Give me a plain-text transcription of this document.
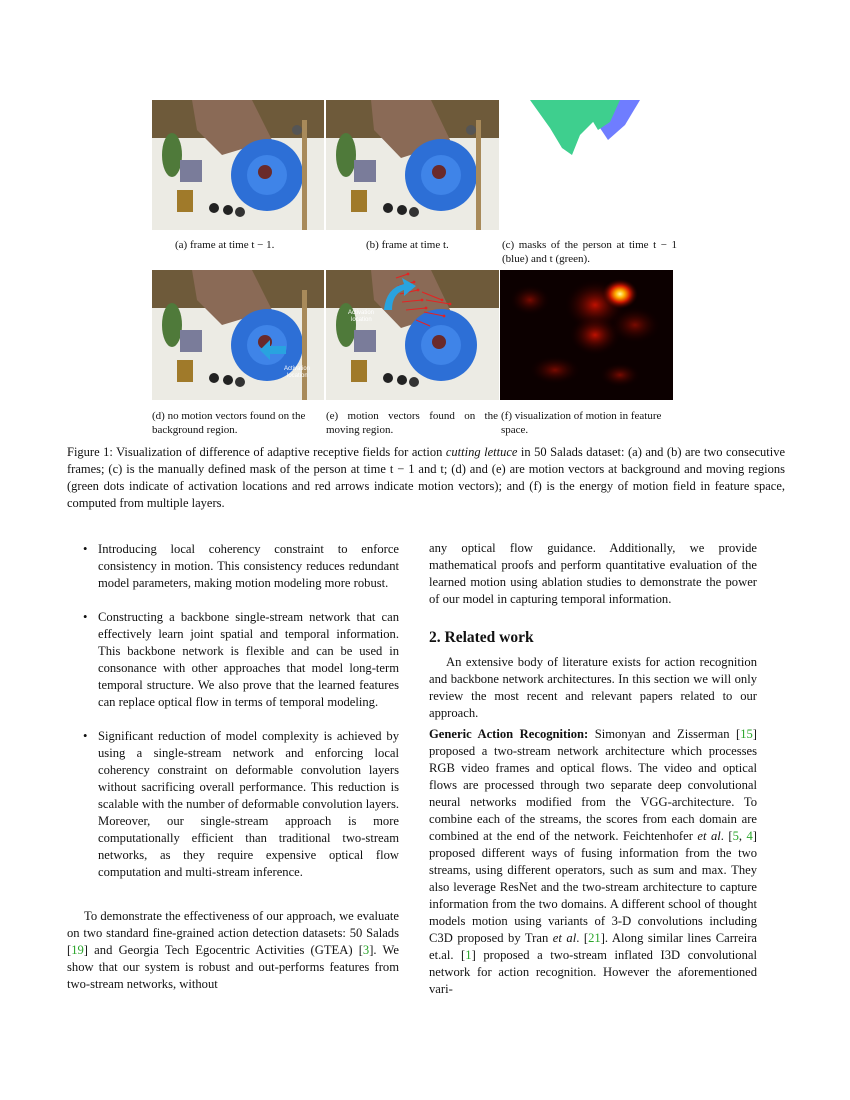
(a) frame at time t − 1.	(b) frame at time t.	(c) masks of the person at time t − 1 (blue) and t (green).
Activation
location
Activation
location
(d) no motion vectors found on the background region.
(e) motion vectors found on the moving region.
(f) visualization of motion in feature space.
Figure 1: Visualization of difference of adaptive receptive fields for action cutting lettuce in 50 Salads dataset: (a) and (b) are two consecutive frames; (c) is the manually defined mask of the person at time t − 1 and t; (d) and (e) are motion vectors at background and moving regions (green dots indicate of activation locations and red arrows indicate motion vectors); and (f) is the energy of motion field in feature space, computed from multiple layers.
• Introducing local coherency constraint to enforce consistency in motion. This consistency reduces redundant model parameters, making motion modeling more robust.
• Constructing a backbone single-stream network that can effectively learn joint spatial and temporal information. This backbone network is flexible and can be used in consonance with other approaches that model long-term temporal structure. We also prove that the learned features can replace optical flow in terms of temporal modeling.
• Significant reduction of model complexity is achieved by using a single-stream network and enforcing local coherency constraint on deformable convolution layers without sacrificing overall performance. This reduction is scalable with the number of deformable convolution layers. Moreover, our single-stream approach is more computationally efficient than traditional two-stream networks, as they require expensive optical flow computation and multi-stream inference.

To demonstrate the effectiveness of our approach, we evaluate on two standard fine-grained action detection datasets: 50 Salads [19] and Georgia Tech Egocentric Activities (GTEA) [3]. We show that our system is robust and out-performs features from two-stream networks, without

any optical flow guidance. Additionally, we provide mathematical proofs and perform quantitative evaluation of the learned motion using ablation studies to demonstrate the power of our model in capturing temporal information.

2. Related work

An extensive body of literature exists for action recognition and backbone network architectures. In this section we will only review the most recent and relevant papers related to our approach.

Generic Action Recognition: Simonyan and Zisserman [15] proposed a two-stream network architecture which processes RGB video frames and optical flows. The video and optical flows are processed through two separate deep convolutional neural networks modified from the VGG-architecture. To combine each of the streams, the scores from each domain are combined at the end of the network. Feichtenhofer et al. [5, 4] proposed different ways of fusing information from the two streams, using different operators, such as sum and max. They also leverage ResNet and the two-stream architecture to capture information from the two domains. A different school of thought models motion using variants of 3-D convolutions including C3D proposed by Tran et al. [21]. Along similar lines Carreira et.al. [1] proposed a two-stream inflated I3D convolutional network for action recognition. However the aforementioned vari-
